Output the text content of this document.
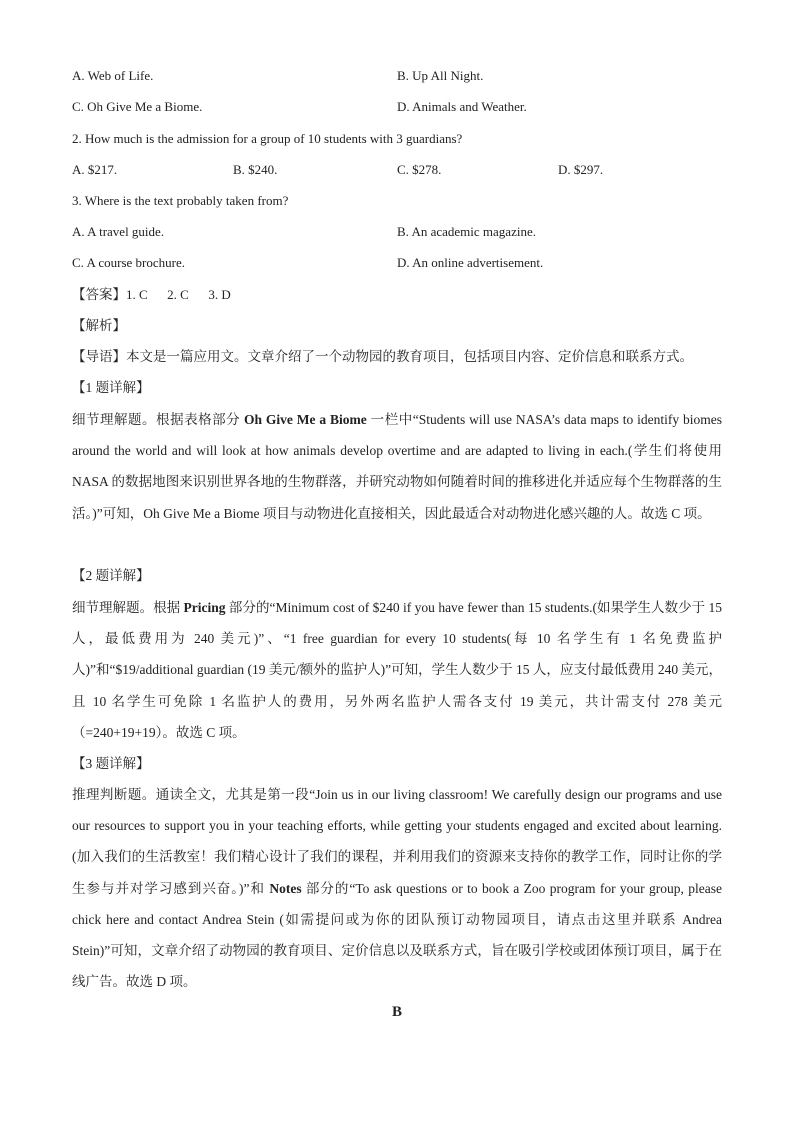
A. Web of Life.	B. Up All Night.
C. Oh Give Me a Biome.	D. Animals and Weather.
2. How much is the admission for a group of 10 students with 3 guardians?
A. $217.	B. $240.	C. $278.	D. $297.
3. Where is the text probably taken from?
A. A travel guide.	B. An academic magazine.
C. A course brochure.	D. An online advertisement.
【答案】1. C      2. C      3. D
【解析】
【导语】本文是一篇应用文。文章介绍了一个动物园的教育项目，包括项目内容、定价信息和联系方式。
【1 题详解】
细节理解题。根据表格部分 Oh Give Me a Biome 一栏中“Students will use NASA’s data maps to identify biomes around the world and will look at how animals develop overtime and are adapted to living in each.(学生们将使用 NASA 的数据地图来识别世界各地的生物群落，并研究动物如何随着时间的推移进化并适应每个生物群落的生活。)”可知，Oh Give Me a Biome 项目与动物进化直接相关，因此最适合对动物进化感兴趣的人。故选 C 项。
【2 题详解】
细节理解题。根据 Pricing 部分的“Minimum cost of $240 if you have fewer than 15 students.(如果学生人数少于 15 人，最低费用为 240 美元)”、“1 free guardian for every 10 students(每 10 名学生有 1 名免费监护人)”和“$19/additional guardian (19 美元/额外的监护人)”可知，学生人数少于 15 人，应支付最低费用 240 美元，且 10 名学生可免除 1 名监护人的费用，另外两名监护人需各支付 19 美元，共计需支付 278 美元（=240+19+19）。故选 C 项。
【3 题详解】
推理判断题。通读全文，尤其是第一段“Join us in our living classroom! We carefully design our programs and use our resources to support you in your teaching efforts, while getting your students engaged and excited about learning. (加入我们的生活教室！我们精心设计了我们的课程，并利用我们的资源来支持你的教学工作，同时让你的学生参与并对学习感到兴奋。)”和 Notes 部分的“To ask questions or to book a Zoo program for your group, please chick here and contact Andrea Stein (如需提问或为你的团队预订动物园项目，请点击这里并联系 Andrea Stein)”可知，文章介绍了动物园的教育项目、定价信息以及联系方式，旨在吸引学校或团体预订项目，属于在线广告。故选 D 项。
B
